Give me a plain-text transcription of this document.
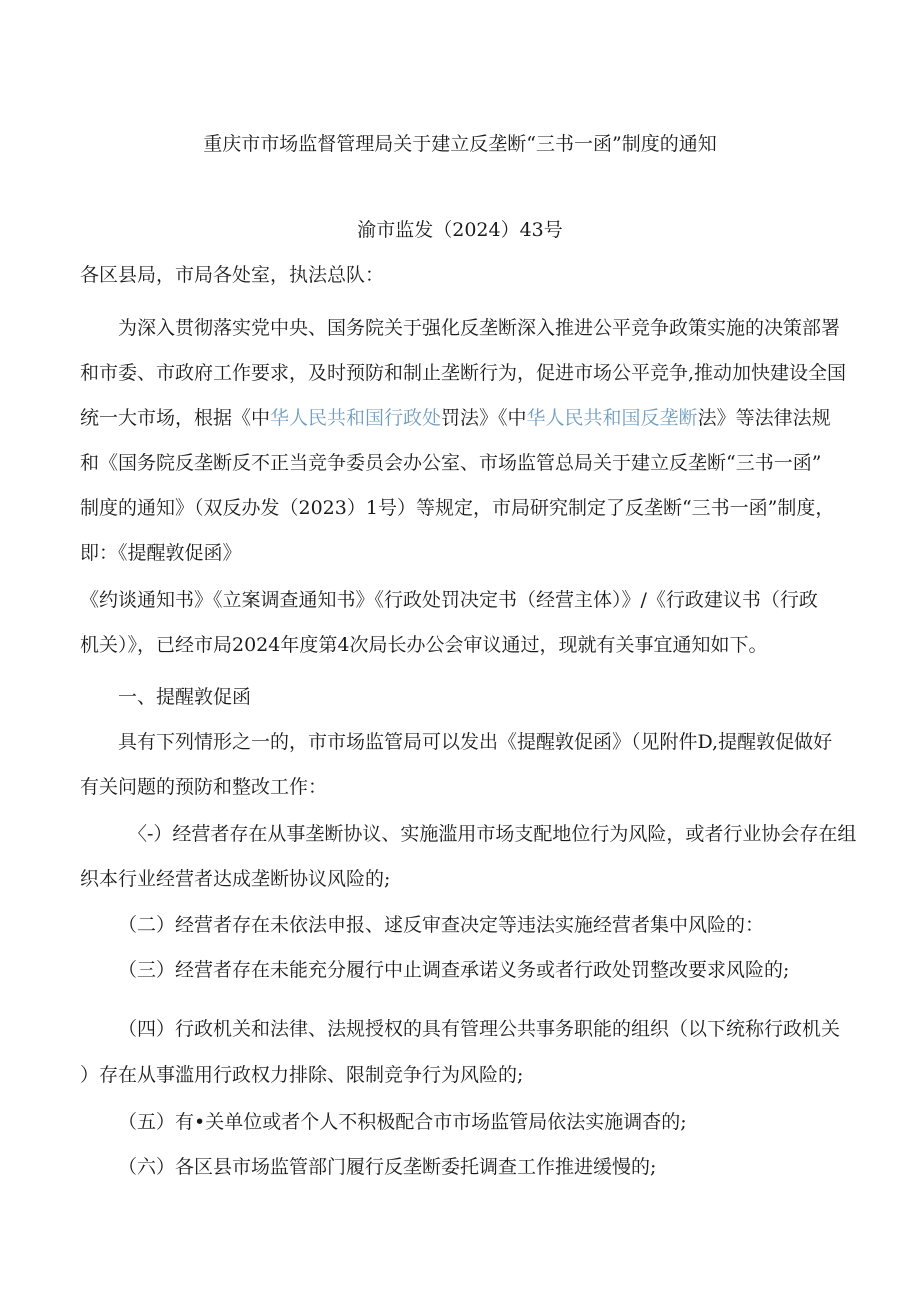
重庆市市场监督管理局关于建立反垄断“三书一函”制度的通知
渝市监发（2024）43号
各区县局，市局各处室，执法总队：
为深入贯彻落实党中央、国务院关于强化反垄断深入推进公平竞争政策实施的决策部署
和市委、市政府工作要求，及时预防和制止垄断行为，促进市场公平竞争,推动加快建设全国
统一大市场，根据《中华人民共和国行政处罚法》《中华人民共和国反垄断法》等法律法规
和《国务院反垄断反不正当竞争委员会办公室、市场监管总局关于建立反垄断“三书一函”
制度的通知》（双反办发（2023）1号）等规定，市局研究制定了反垄断“三书一函”制度，
即：《提醒敦促函》
《约谈通知书》《立案调查通知书》《行政处罚决定书（经营主体）》/《行政建议书（行政
机关）》，已经市局2024年度第4次局长办公会审议通过，现就有关事宜通知如下。
一、提醒敦促函
具有下列情形之一的，市市场监管局可以发出《提醒敦促函》（见附件D,提醒敦促做好
有关问题的预防和整改工作：
〈-）经营者存在从事垄断协议、实施滥用市场支配地位行为风险，或者行业协会存在组
织本行业经营者达成垄断协议风险的;
（二）经营者存在未依法申报、逑反审查决定等违法实施经营者集中风险的：
（三）经营者存在未能充分履行中止调查承诺义务或者行政处罚整改要求风险的;
（四）行政机关和法律、法规授权的具有管理公共事务职能的组织（以下统称行政机关
）存在从事滥用行政权力排除、限制竞争行为风险的;
（五）有•关单位或者个人不积极配合市市场监管局依法实施调杳的;
（六）各区县市场监管部门履行反垄断委托调查工作推进缓慢的;
